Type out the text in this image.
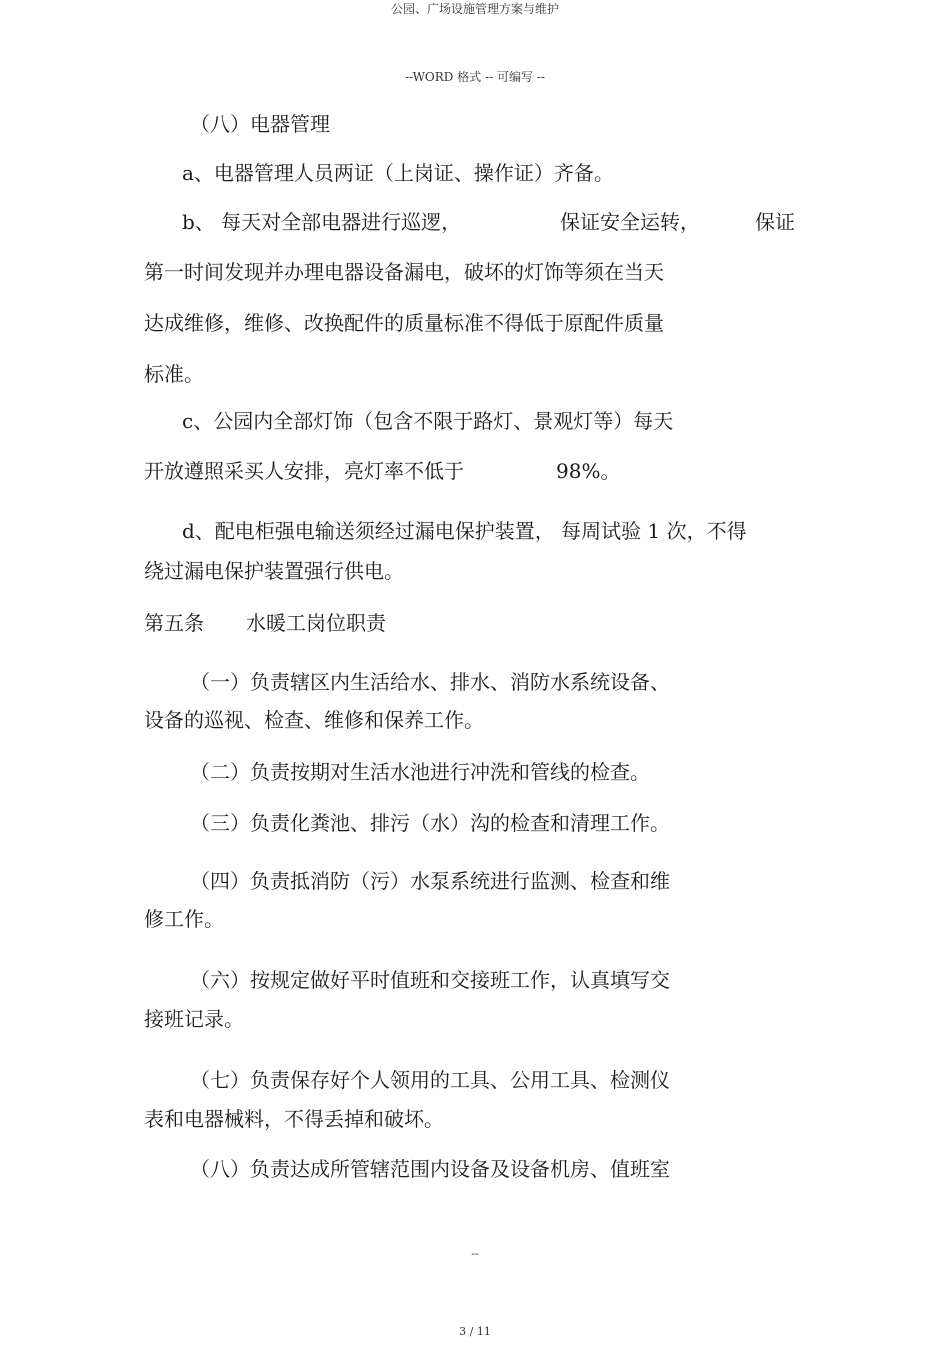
公园、广场设施管理方案与维护
--WORD 格式 -- 可编写 --
（八）电器管理
a、电器管理人员两证（上岗证、操作证）齐备。
b、 每天对全部电器进行巡逻，	保证安全运转，	保证
第一时间发现并办理电器设备漏电，破坏的灯饰等须在当天
达成维修，维修、改换配件的质量标准不得低于原配件质量
标准。
c、公园内全部灯饰（包含不限于路灯、景观灯等）每天
开放遵照采买人安排，亮灯率不低于	98%。
d、配电柜强电输送须经过漏电保护装置， 每周试验 1 次，不得
绕过漏电保护装置强行供电。
第五条 水暖工岗位职责
（一）负责辖区内生活给水、排水、消防水系统设备、
设备的巡视、检查、维修和保养工作。
（二）负责按期对生活水池进行冲洗和管线的检查。
（三）负责化粪池、排污（水）沟的检查和清理工作。
（四）负责抵消防（污）水泵系统进行监测、检查和维
修工作。
（六）按规定做好平时值班和交接班工作，认真填写交
接班记录。
（七）负责保存好个人领用的工具、公用工具、检测仪
表和电器械料，不得丢掉和破坏。
（八）负责达成所管辖范围内设备及设备机房、值班室
--
3 / 11
